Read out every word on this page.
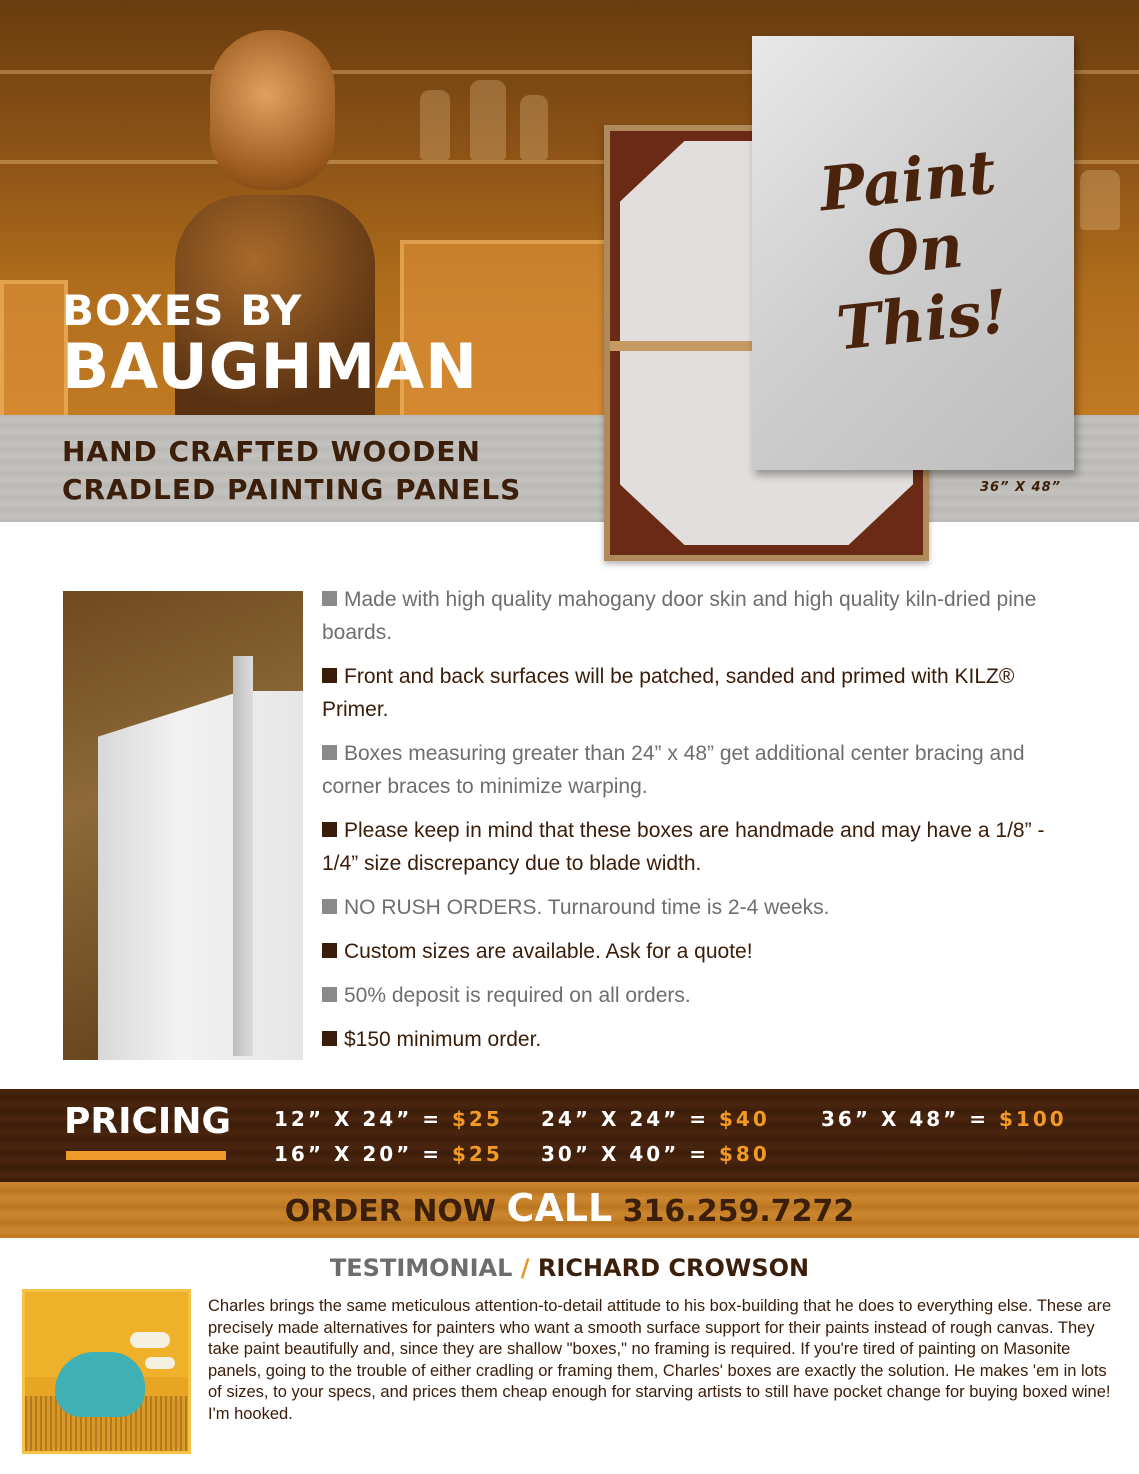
BOXES BY
BAUGHMAN
HAND CRAFTED WOODEN
CRADLED PAINTING PANELS
Paint
On This!
36” X 48”
Made with high quality mahogany door skin and high quality kiln-dried pine boards.
Front and back surfaces will be patched, sanded and primed with KILZ® Primer.
Boxes measuring greater than 24” x 48” get additional center bracing and corner braces to minimize warping.
Please keep in mind that these boxes are handmade and may have a 1/8” - 1/4” size discrepancy due to blade width.
NO RUSH ORDERS. Turnaround time is 2-4 weeks.
Custom sizes are available. Ask for a quote!
50% deposit is required on all orders.
$150 minimum order.
PRICING 12” X 24” = $25 24” X 24” = $40	36” X 48” = $100
16” X 20” = $25 30” X 40” = $80
ORDER NOW CALL 316.259.7272
TESTIMONIAL / RICHARD CROWSON
Charles brings the same meticulous attention-to-detail attitude to his box-building that he does to everything else. These are precisely made alternatives for painters who want a smooth surface support for their paints instead of rough canvas. They take paint beautifully and, since they are shallow "boxes," no framing is required. If you're tired of painting on Masonite panels, going to the trouble of either cradling or framing them, Charles' boxes are exactly the solution. He makes 'em in lots of sizes, to your specs, and prices them cheap enough for starving artists to still have pocket change for buying boxed wine! I'm hooked.
